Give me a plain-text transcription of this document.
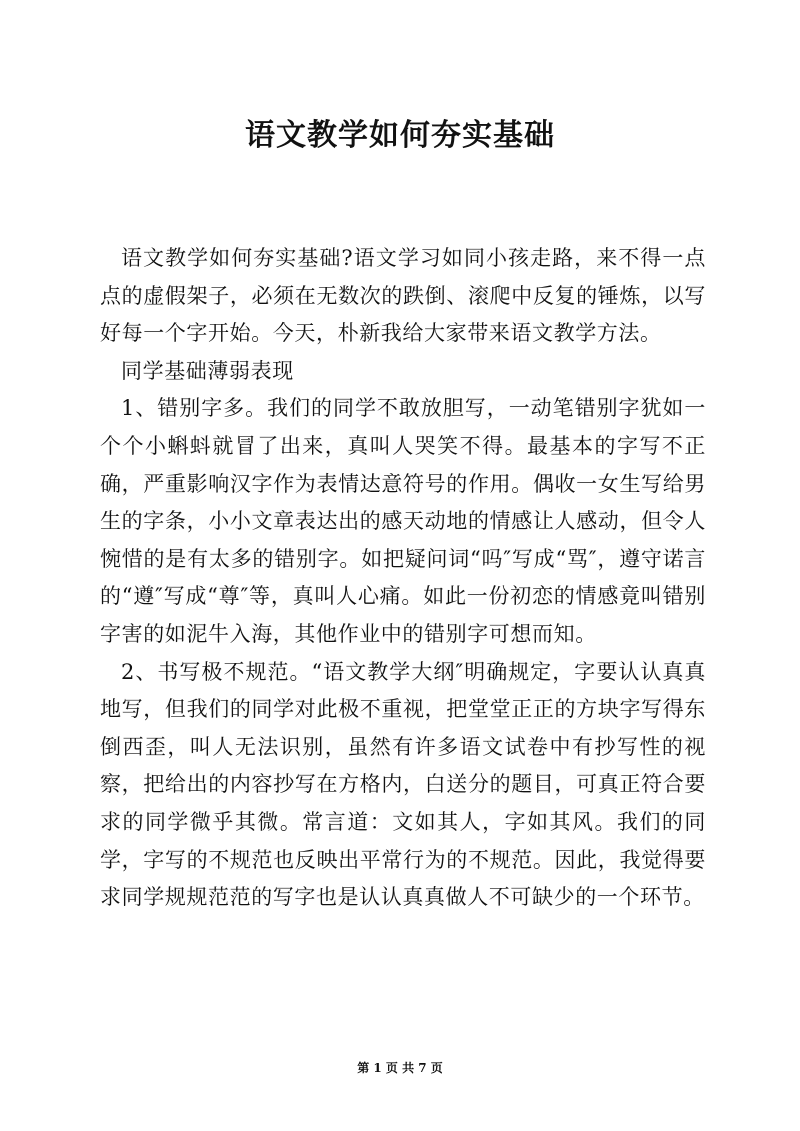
语文教学如何夯实基础

语文教学如何夯实基础?语文学习如同小孩走路，来不得一点点的虚假架子，必须在无数次的跌倒、滚爬中反复的锤炼，以写好每一个字开始。今天，朴新我给大家带来语文教学方法。

同学基础薄弱表现

1、错别字多。我们的同学不敢放胆写，一动笔错别字犹如一个个小蝌蚪就冒了出来，真叫人哭笑不得。最基本的字写不正确，严重影响汉字作为表情达意符号的作用。偶收一女生写给男生的字条，小小文章表达出的感天动地的情感让人感动，但令人惋惜的是有太多的错别字。如把疑问词“吗″写成“骂″，遵守诺言的“遵″写成“尊″等，真叫人心痛。如此一份初恋的情感竟叫错别字害的如泥牛入海，其他作业中的错别字可想而知。

2、书写极不规范。“语文教学大纲″明确规定，字要认认真真地写，但我们的同学对此极不重视，把堂堂正正的方块字写得东倒西歪，叫人无法识别，虽然有许多语文试卷中有抄写性的视察，把给出的内容抄写在方格内，白送分的题目，可真正符合要求的同学微乎其微。常言道：文如其人，字如其风。我们的同学，字写的不规范也反映出平常行为的不规范。因此，我觉得要求同学规规范范的写字也是认认真真做人不可缺少的一个环节。

第 1 页 共 7 页
